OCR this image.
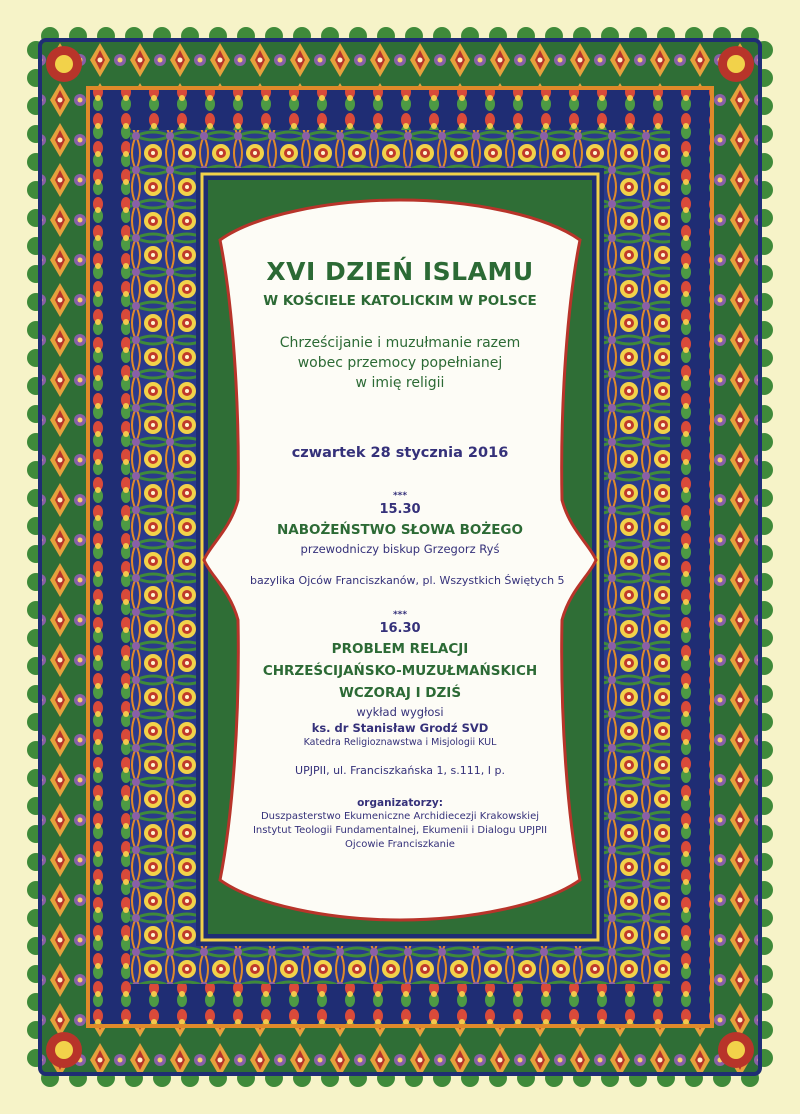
XVI DZIEŃ ISLAMU
W KOŚCIELE KATOLICKIM W POLSCE
Chrześcijanie i muzułmanie razem
wobec przemocy popełnianej
w imię religii
czwartek 28 stycznia 2016
***
15.30
NABOŻEŃSTWO SŁOWA BOŻEGO
przewodniczy biskup Grzegorz Ryś
bazylika Ojców Franciszkanów, pl. Wszystkich Świętych 5
***
16.30
PROBLEM RELACJI
CHRZEŚCIJAŃSKO-MUZUŁMAŃSKICH
WCZORAJ I DZIŚ
wykład wygłosi
ks. dr Stanisław Grodź SVD
Katedra Religioznawstwa i Misjologii KUL
UPJPII, ul. Franciszkańska 1, s.111, I p.
organizatorzy:
Duszpasterstwo Ekumeniczne Archidiecezji Krakowskiej
Instytut Teologii Fundamentalnej, Ekumenii i Dialogu UPJPII
Ojcowie Franciszkanie
